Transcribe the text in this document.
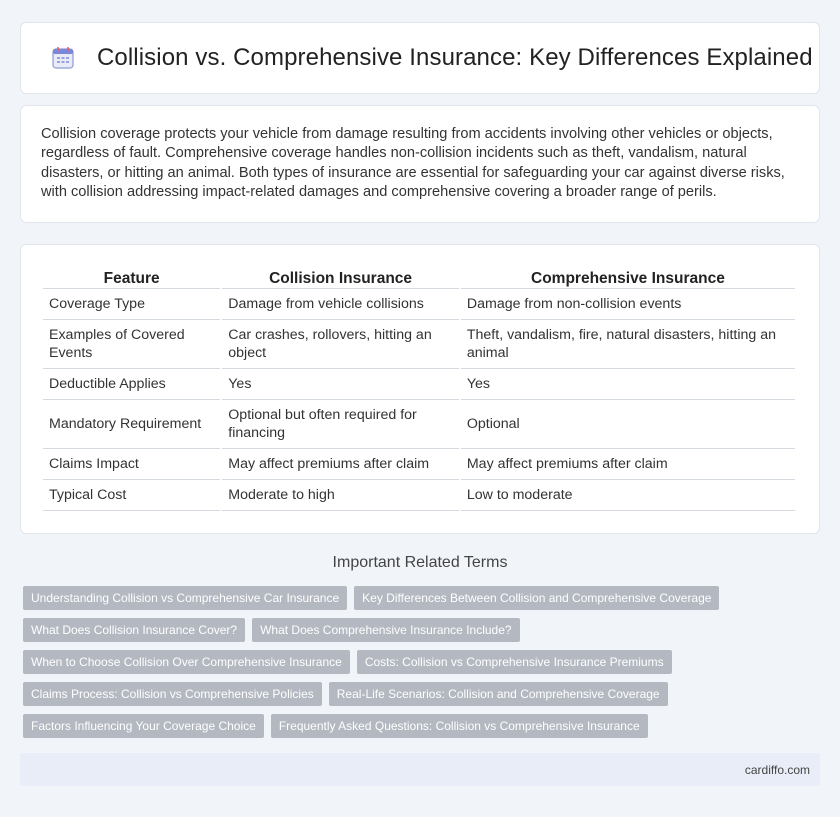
Collision vs. Comprehensive Insurance: Key Differences Explained

Collision coverage protects your vehicle from damage resulting from accidents involving other vehicles or objects, regardless of fault. Comprehensive coverage handles non-collision incidents such as theft, vandalism, natural disasters, or hitting an animal. Both types of insurance are essential for safeguarding your car against diverse risks, with collision addressing impact-related damages and comprehensive covering a broader range of perils.

Feature	Collision Insurance	Comprehensive Insurance
Coverage Type	Damage from vehicle collisions	Damage from non-collision events
Examples of Covered Events	Car crashes, rollovers, hitting an object	Theft, vandalism, fire, natural disasters, hitting an animal
Deductible Applies	Yes	Yes
Mandatory Requirement	Optional but often required for financing	Optional
Claims Impact	May affect premiums after claim	May affect premiums after claim
Typical Cost	Moderate to high	Low to moderate
Important Related Terms
Understanding Collision vs Comprehensive Car Insurance	Key Differences Between Collision and Comprehensive Coverage
What Does Collision Insurance Cover?	What Does Comprehensive Insurance Include?
When to Choose Collision Over Comprehensive Insurance	Costs: Collision vs Comprehensive Insurance Premiums
Claims Process: Collision vs Comprehensive Policies	Real-Life Scenarios: Collision and Comprehensive Coverage
Factors Influencing Your Coverage Choice	Frequently Asked Questions: Collision vs Comprehensive Insurance
cardiffo.com
